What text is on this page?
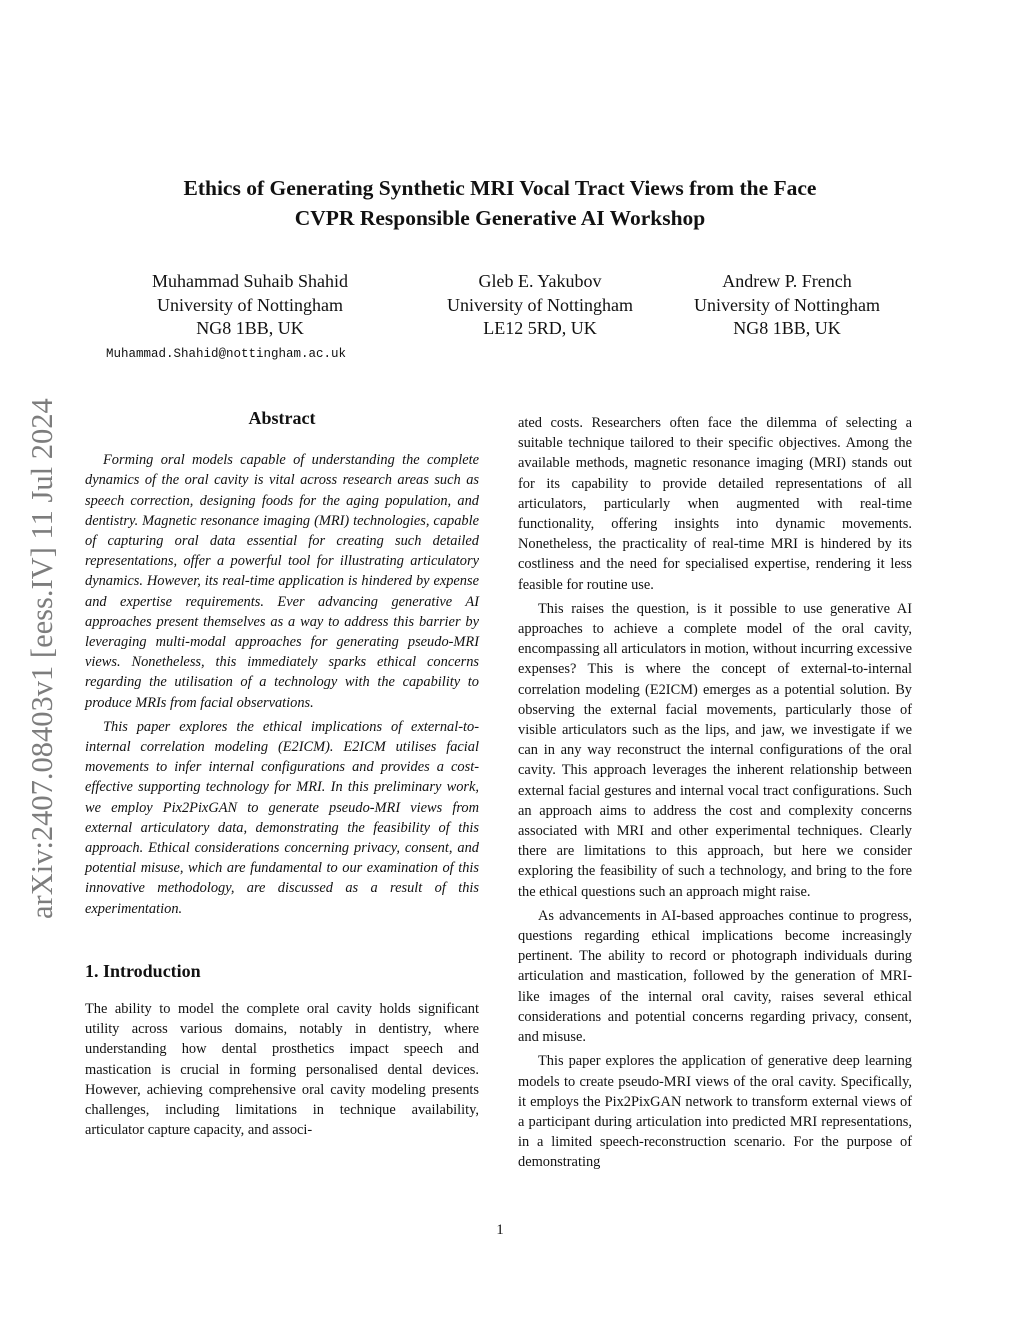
Ethics of Generating Synthetic MRI Vocal Tract Views from the Face
CVPR Responsible Generative AI Workshop
Muhammad Suhaib Shahid
University of Nottingham
NG8 1BB, UK
Gleb E. Yakubov
University of Nottingham
LE12 5RD, UK
Andrew P. French
University of Nottingham
NG8 1BB, UK
Muhammad.Shahid@nottingham.ac.uk
arXiv:2407.08403v1 [eess.IV] 11 Jul 2024	Abstract

Forming oral models capable of understanding the complete dynamics of the oral cavity is vital across research areas such as speech correction, designing foods for the aging population, and dentistry. Magnetic resonance imaging (MRI) technologies, capable of capturing oral data essential for creating such detailed representations, offer a powerful tool for illustrating articulatory dynamics. However, its real-time application is hindered by expense and expertise requirements. Ever advancing generative AI approaches present themselves as a way to address this barrier by leveraging multi-modal approaches for generating pseudo-MRI views. Nonetheless, this immediately sparks ethical concerns regarding the utilisation of a technology with the capability to produce MRIs from facial observations.

This paper explores the ethical implications of external-to-internal correlation modeling (E2ICM). E2ICM utilises facial movements to infer internal configurations and provides a cost-effective supporting technology for MRI. In this preliminary work, we employ Pix2PixGAN to generate pseudo-MRI views from external articulatory data, demonstrating the feasibility of this approach. Ethical considerations concerning privacy, consent, and potential misuse, which are fundamental to our examination of this innovative methodology, are discussed as a result of this experimentation.

1. Introduction

The ability to model the complete oral cavity holds significant utility across various domains, notably in dentistry, where understanding how dental prosthetics impact speech and mastication is crucial in forming personalised dental devices. However, achieving comprehensive oral cavity modeling presents challenges, including limitations in technique availability, articulator capture capacity, and associ-

ated costs. Researchers often face the dilemma of selecting a suitable technique tailored to their specific objectives. Among the available methods, magnetic resonance imaging (MRI) stands out for its capability to provide detailed representations of all articulators, particularly when augmented with real-time functionality, offering insights into dynamic movements. Nonetheless, the practicality of real-time MRI is hindered by its costliness and the need for specialised expertise, rendering it less feasible for routine use.

This raises the question, is it possible to use generative AI approaches to achieve a complete model of the oral cavity, encompassing all articulators in motion, without incurring excessive expenses? This is where the concept of external-to-internal correlation modeling (E2ICM) emerges as a potential solution. By observing the external facial movements, particularly those of visible articulators such as the lips, and jaw, we investigate if we can in any way reconstruct the internal configurations of the oral cavity. This approach leverages the inherent relationship between external facial gestures and internal vocal tract configurations. Such an approach aims to address the cost and complexity concerns associated with MRI and other experimental techniques. Clearly there are limitations to this approach, but here we consider exploring the feasibility of such a technology, and bring to the fore the ethical questions such an approach might raise.

As advancements in AI-based approaches continue to progress, questions regarding ethical implications become increasingly pertinent. The ability to record or photograph individuals during articulation and mastication, followed by the generation of MRI-like images of the internal oral cavity, raises several ethical considerations and potential concerns regarding privacy, consent, and misuse.

This paper explores the application of generative deep learning models to create pseudo-MRI views of the oral cavity. Specifically, it employs the Pix2PixGAN network to transform external views of a participant during articulation into predicted MRI representations, in a limited speech-reconstruction scenario. For the purpose of demonstrating

1
